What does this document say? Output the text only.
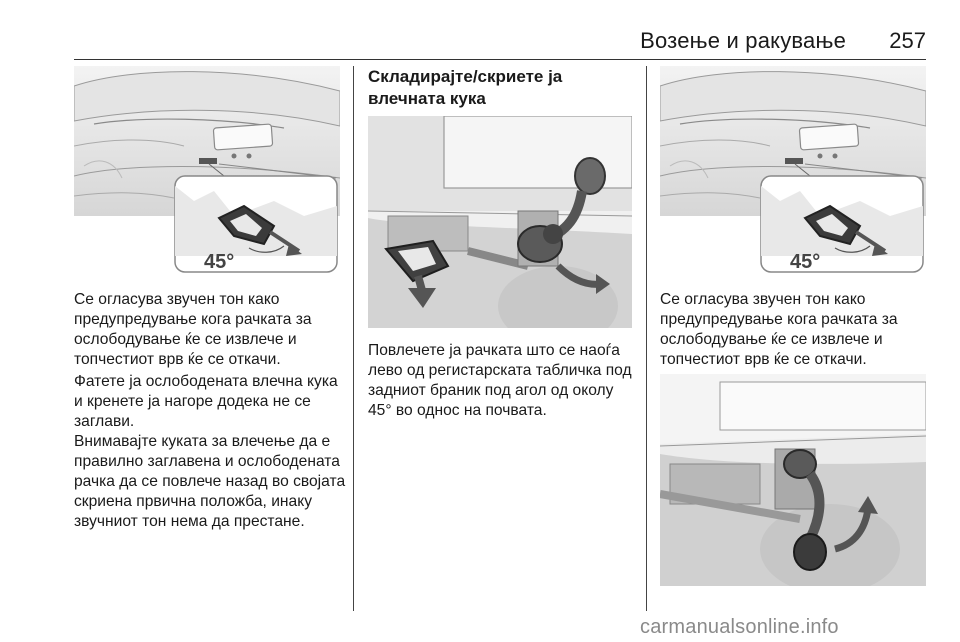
Возење и ракување 257
45°

Се огласува звучен тон како предупредување кога рачката за ослободување ќе се извлече и топчестиот врв ќе се откачи.

Фатете ја ослободената влечна кука и кренете ја нагоре додека не се заглави.

Внимавајте куката за влечење да е правилно заглавена и ослободената рачка да се повлече назад во својата скриена првична положба, инаку звучниот тон нема да престане.

Складирајте/скриете ја влечната кука

Повлечете ја рачката што се наоѓа лево од регистарската табличка под задниот браник под агол од околу 45° во однос на почвата.

45°

Се огласува звучен тон како предупредување кога рачката за ослободување ќе се извлече и топчестиот врв ќе се откачи.

carmanualsonline.info
